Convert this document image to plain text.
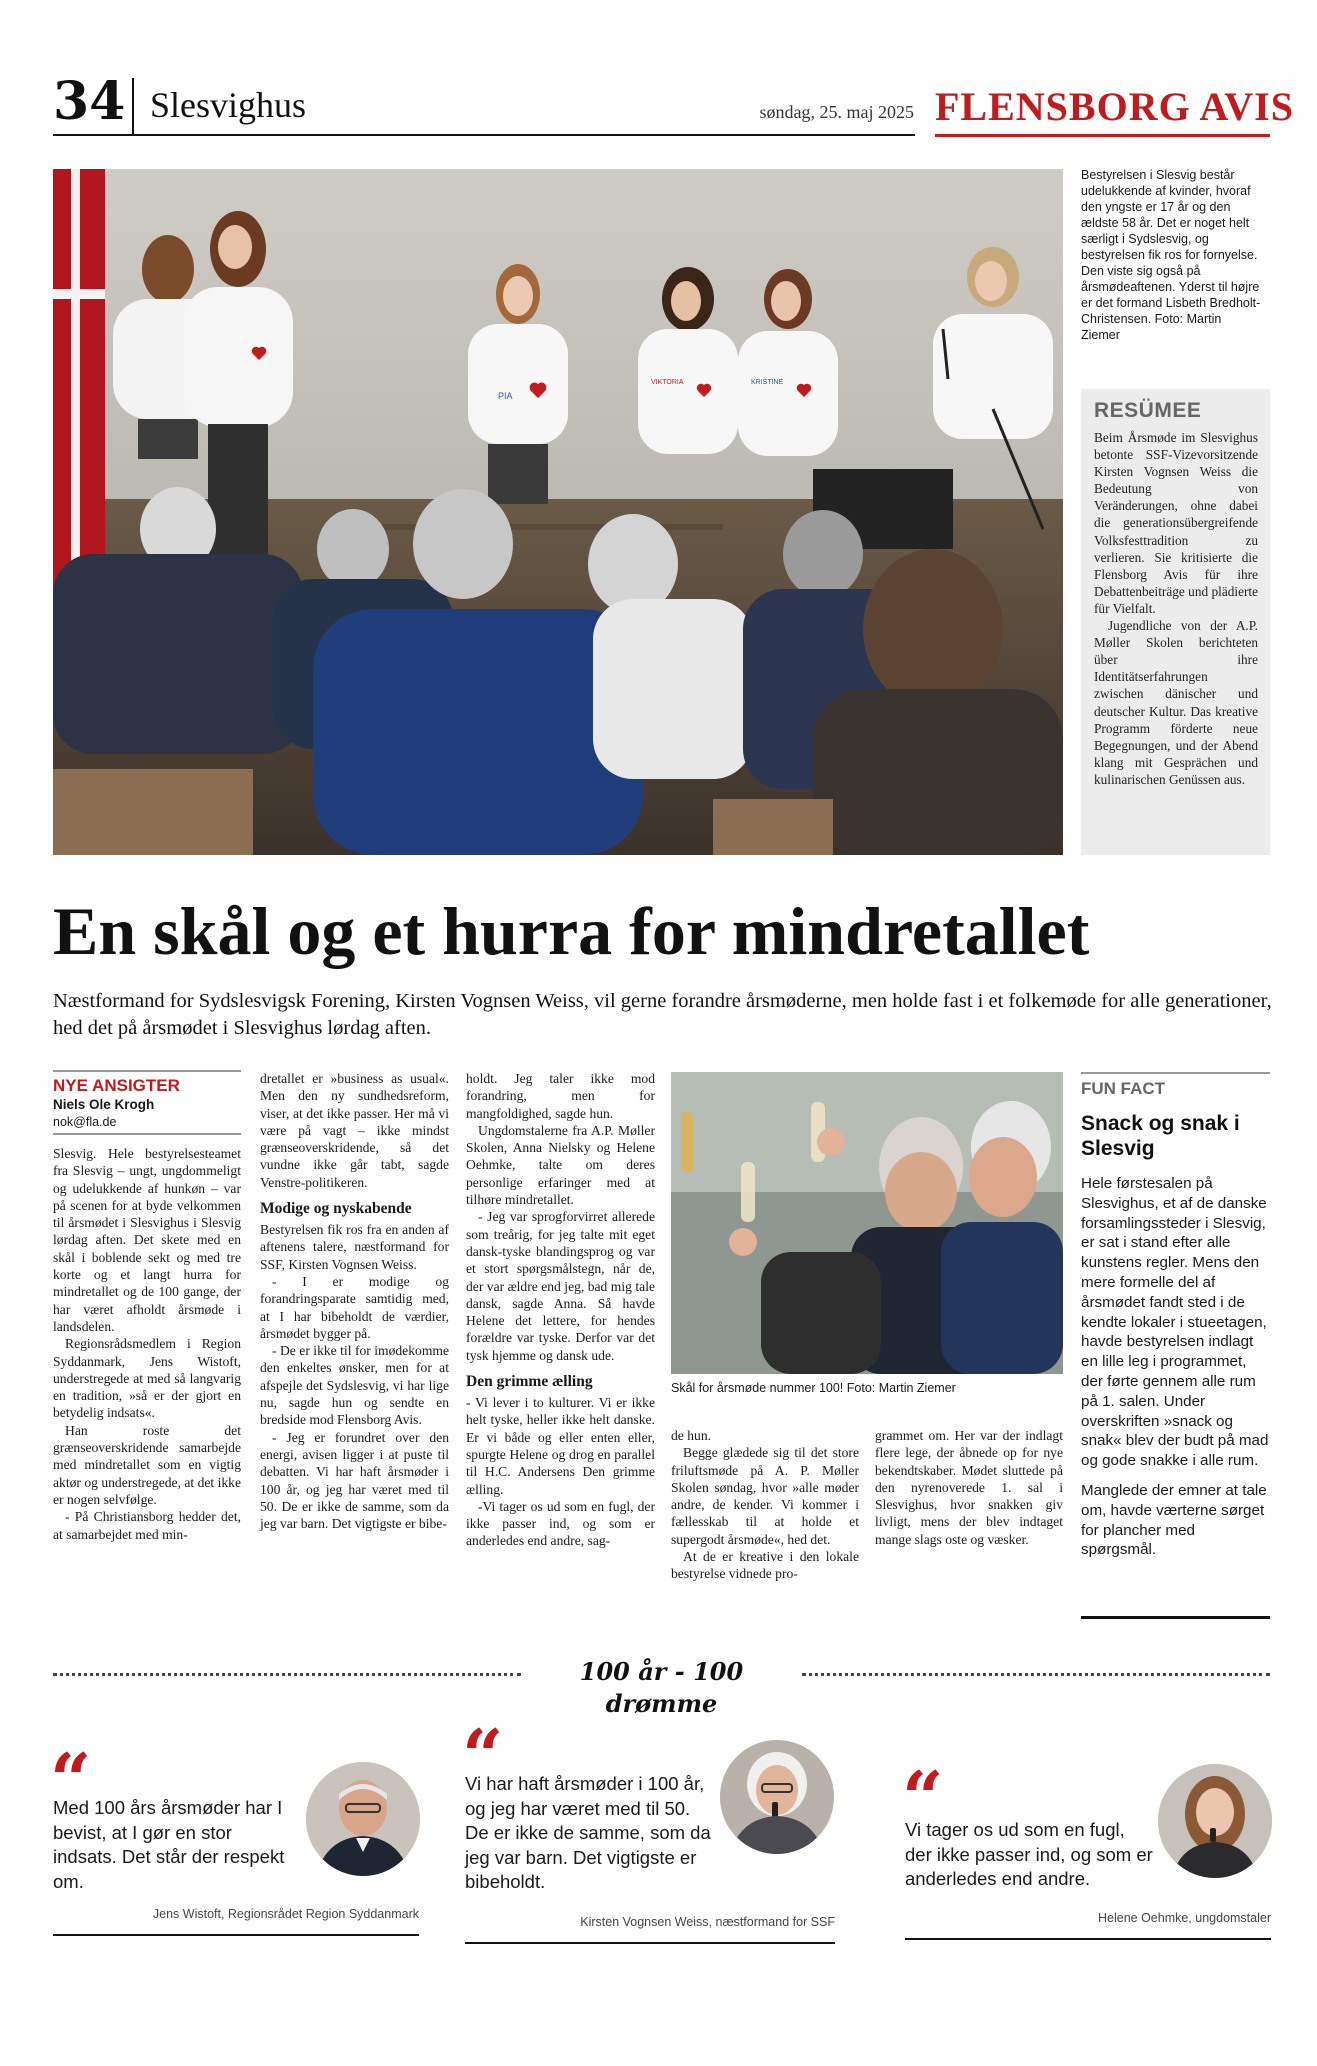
34 Slesvighus	søndag, 25. maj 2025 FLENSBORG AVIS
PIA
VIKTORIA	KRISTINE
Bestyrelsen i Slesvig består udelukkende af kvinder, hvoraf den yngste er 17 år og den ældste 58 år. Det er noget helt særligt i Sydslesvig, og bestyrelsen fik ros for fornyelse. Den viste sig også på årsmødeaftenen. Yderst til højre er det formand Lisbeth Bredholt-Christensen. Foto: Martin Ziemer
RESÜMEE

Beim Årsmøde im Slesvighus betonte SSF-Vizevorsitzende Kirsten Vognsen Weiss die Bedeutung von Veränderungen, ohne dabei die generationsübergreifende Volksfesttradition zu verlieren. Sie kritisierte die Flensborg Avis für ihre Debattenbeiträge und plädierte für Vielfalt.

Jugendliche von der A.P. Møller Skolen berichteten über ihre Identitätserfahrungen zwischen dänischer und deutscher Kultur. Das kreative Programm förderte neue Begegnungen, und der Abend klang mit Gesprächen und kulinarischen Genüssen aus.

En skål og et hurra for mindretallet

Næstformand for Sydslesvigsk Forening, Kirsten Vognsen Weiss, vil gerne forandre årsmøderne, men holde fast i et folkemøde for alle generationer, hed det på årsmødet i Slesvighus lørdag aften.

NYE ANSIGTER
Niels Ole Krogh
nok@fla.de

Slesvig. Hele bestyrelsesteamet fra Slesvig – ungt, ungdommeligt og udelukkende af hunkøn – var på scenen for at byde velkommen til årsmødet i Slesvighus i Slesvig lørdag aften. Det skete med en skål i boblende sekt og med tre korte og et langt hurra for mindretallet og de 100 gange, der har været afholdt årsmøde i landsdelen.

Regionsrådsmedlem i Region Syddanmark, Jens Wistoft, understregede at med så langvarig en tradition, »så er der gjort en betydelig indsats«.

Han roste det grænseoverskridende samarbejde med mindretallet som en vigtig aktør og understregede, at det ikke er nogen selvfølge.

- På Christiansborg hedder det, at samarbejdet med min-

dretallet er »business as usual«. Men den ny sundhedsreform, viser, at det ikke passer. Her må vi være på vagt – ikke mindst grænseoverskridende, så det vundne ikke går tabt, sagde Venstre-politikeren.

Modige og nyskabende

Bestyrelsen fik ros fra en anden af aftenens talere, næstformand for SSF, Kirsten Vognsen Weiss.

- I er modige og forandringsparate samtidig med, at I har bibeholdt de værdier, årsmødet bygger på.

- De er ikke til for imødekomme den enkeltes ønsker, men for at afspejle det Sydslesvig, vi har lige nu, sagde hun og sendte en bredside mod Flensborg Avis.

- Jeg er forundret over den energi, avisen ligger i at puste til debatten. Vi har haft årsmøder i 100 år, og jeg har været med til 50. De er ikke de samme, som da jeg var barn. Det vigtigste er bibe-

holdt. Jeg taler ikke mod forandring, men for mangfoldighed, sagde hun.

Ungdomstalerne fra A.P. Møller Skolen, Anna Nielsky og Helene Oehmke, talte om deres personlige erfaringer med at tilhøre mindretallet.

- Jeg var sprogforvirret allerede som treårig, for jeg talte mit eget dansk-tyske blandingsprog og var et stort spørgsmålstegn, når de, der var ældre end jeg, bad mig tale dansk, sagde Anna. Så havde Helene det lettere, for hendes forældre var tyske. Derfor var det tysk hjemme og dansk ude.

Den grimme ælling

- Vi lever i to kulturer. Vi er ikke helt tyske, heller ikke helt danske. Er vi både og eller enten eller, spurgte Helene og drog en parallel til H.C. Andersens Den grimme ælling.

-Vi tager os ud som en fugl, der ikke passer ind, og som er anderledes end andre, sag-

Skål for årsmøde nummer 100! Foto: Martin Ziemer

de hun.

Begge glædede sig til det store friluftsmøde på A. P. Møller Skolen søndag, hvor »alle møder andre, de kender. Vi kommer i fællesskab til at holde et supergodt årsmøde«, hed det.

At de er kreative i den lokale bestyrelse vidnede pro-

grammet om. Her var der indlagt flere lege, der åbnede op for nye bekendtskaber. Mødet sluttede på den nyrenoverede 1. sal i Slesvighus, hvor snakken giv livligt, mens der blev indtaget mange slags oste og væsker.

FUN FACT
Snack og snak i Slesvig

Hele førstesalen på Slesvighus, et af de danske forsamlingssteder i Slesvig, er sat i stand efter alle kunstens regler. Mens den mere formelle del af årsmødet fandt sted i de kendte lokaler i stueetagen, havde bestyrelsen indlagt en lille leg i programmet, der førte gennem alle rum på 1. salen. Under overskriften »snack og snak« blev der budt på mad og gode snakke i alle rum.

Manglede der emner at tale om, havde værterne sørget for plancher med spørgsmål.

100 år - 100 drømme
“
Med 100 års årsmøder har I bevist, at I gør en stor indsats. Det står der respekt om.
Jens Wistoft, Regionsrådet Region Syddanmark
“
Vi har haft årsmøder i 100 år, og jeg har været med til 50. De er ikke de samme, som da jeg var barn. Det vigtigste er bibeholdt.
Kirsten Vognsen Weiss, næstformand for SSF
“
Vi tager os ud som en fugl, der ikke passer ind, og som er anderledes end andre.
Helene Oehmke, ungdomstaler
